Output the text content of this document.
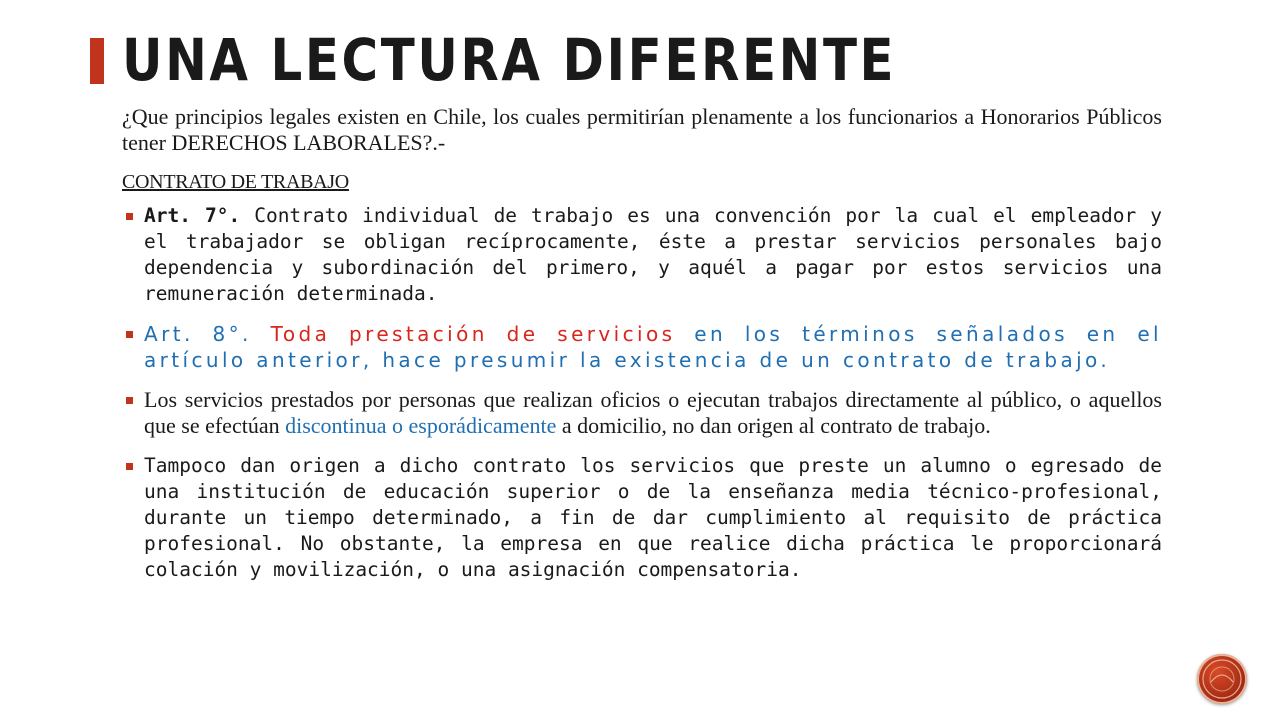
UNA LECTURA DIFERENTE

¿Que principios legales existen en Chile, los cuales permitirían plenamente a los funcionarios a Honorarios Públicos tener DERECHOS LABORALES?.-

CONTRATO DE TRABAJO
Art. 7°. Contrato individual de trabajo es una convención por la cual el empleador y el trabajador se obligan recíprocamente, éste a prestar servicios personales bajo dependencia y subordinación del primero, y aquél a pagar por estos servicios una remuneración determinada.
Art. 8°. Toda prestación de servicios en los términos señalados en el artículo anterior, hace presumir la existencia de un contrato de trabajo.
Los servicios prestados por personas que realizan oficios o ejecutan trabajos directamente al público, o aquellos que se efectúan discontinua o esporádicamente a domicilio, no dan origen al contrato de trabajo.
Tampoco dan origen a dicho contrato los servicios que preste un alumno o egresado de una institución de educación superior o de la enseñanza media técnico-profesional, durante un tiempo determinado, a fin de dar cumplimiento al requisito de práctica profesional. No obstante, la empresa en que realice dicha práctica le proporcionará colación y movilización, o una asignación compensatoria.
